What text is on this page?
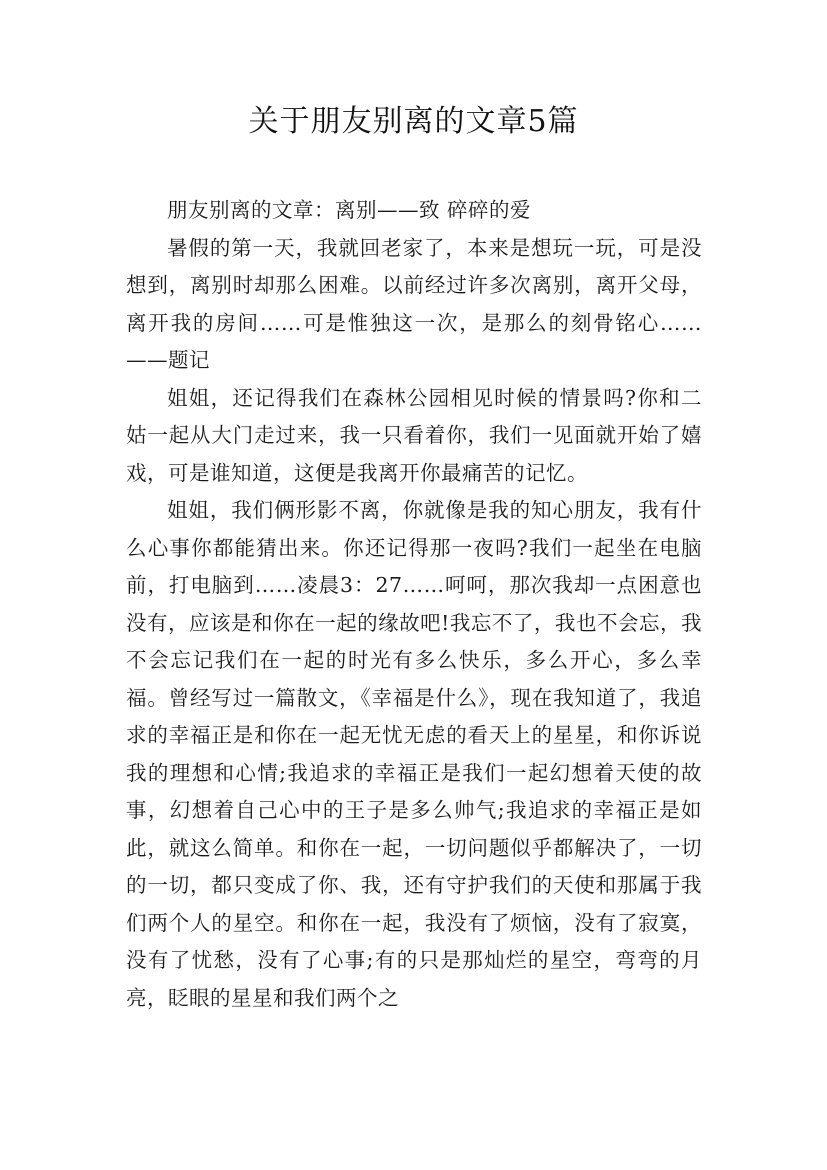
关于朋友别离的文章5篇

朋友别离的文章：离别——致 碎碎的爱

暑假的第一天，我就回老家了，本来是想玩一玩，可是没想到，离别时却那么困难。以前经过许多次离别，离开父母，离开我的房间……可是惟独这一次，是那么的刻骨铭心……——题记

姐姐，还记得我们在森林公园相见时候的情景吗?你和二姑一起从大门走过来，我一只看着你，我们一见面就开始了嬉戏，可是谁知道，这便是我离开你最痛苦的记忆。

姐姐，我们俩形影不离，你就像是我的知心朋友，我有什么心事你都能猜出来。你还记得那一夜吗?我们一起坐在电脑前，打电脑到……凌晨3：27……呵呵，那次我却一点困意也没有，应该是和你在一起的缘故吧!我忘不了，我也不会忘，我不会忘记我们在一起的时光有多么快乐，多么开心，多么幸福。曾经写过一篇散文，《幸福是什么》，现在我知道了，我追求的幸福正是和你在一起无忧无虑的看天上的星星，和你诉说我的理想和心情;我追求的幸福正是我们一起幻想着天使的故事，幻想着自己心中的王子是多么帅气;我追求的幸福正是如此，就这么简单。和你在一起，一切问题似乎都解决了，一切的一切，都只变成了你、我，还有守护我们的天使和那属于我们两个人的星空。和你在一起，我没有了烦恼，没有了寂寞，没有了忧愁，没有了心事;有的只是那灿烂的星空，弯弯的月亮，眨眼的星星和我们两个之
